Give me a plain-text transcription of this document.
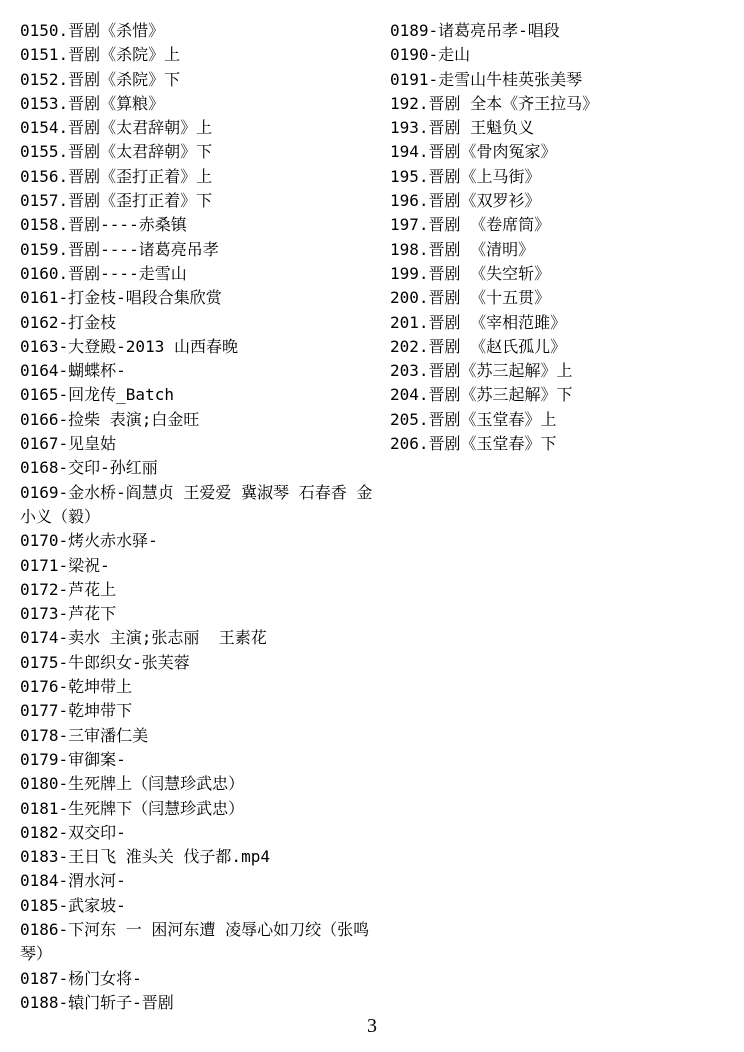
0150.晋剧《杀惜》
0151.晋剧《杀院》上
0152.晋剧《杀院》下
0153.晋剧《算粮》
0154.晋剧《太君辞朝》上
0155.晋剧《太君辞朝》下
0156.晋剧《歪打正着》上
0157.晋剧《歪打正着》下
0158.晋剧----赤桑镇
0159.晋剧----诸葛亮吊孝
0160.晋剧----走雪山
0161-打金枝-唱段合集欣赏
0162-打金枝
0163-大登殿-2013 山西春晚
0164-蝴蝶杯-
0165-回龙传_Batch
0166-捡柴 表演;白金旺
0167-见皇姑
0168-交印-孙红丽
0169-金水桥-阎慧贞 王爱爱 冀淑琴 石春香 金小义（毅）
0170-烤火赤水驿-
0171-梁祝-
0172-芦花上
0173-芦花下
0174-卖水 主演;张志丽  王素花
0175-牛郎织女-张芙蓉
0176-乾坤带上
0177-乾坤带下
0178-三审潘仁美
0179-审御案-
0180-生死牌上（闫慧珍武忠）
0181-生死牌下（闫慧珍武忠）
0182-双交印-
0183-王日飞 淮头关 伐子都.mp4
0184-渭水河-
0185-武家坡-
0186-下河东 一 困河东遭 凌辱心如刀绞（张鸣琴）
0187-杨门女将-
0188-辕门斩子-晋剧
0189-诸葛亮吊孝-唱段
0190-走山
0191-走雪山牛桂英张美琴
192.晋剧 全本《齐王拉马》
193.晋剧 王魁负义
194.晋剧《骨肉冤家》
195.晋剧《上马街》
196.晋剧《双罗衫》
197.晋剧 《卷席筒》
198.晋剧 《清明》
199.晋剧 《失空斩》
200.晋剧 《十五贯》
201.晋剧 《宰相范雎》
202.晋剧 《赵氏孤儿》
203.晋剧《苏三起解》上
204.晋剧《苏三起解》下
205.晋剧《玉堂春》上
206.晋剧《玉堂春》下
3
